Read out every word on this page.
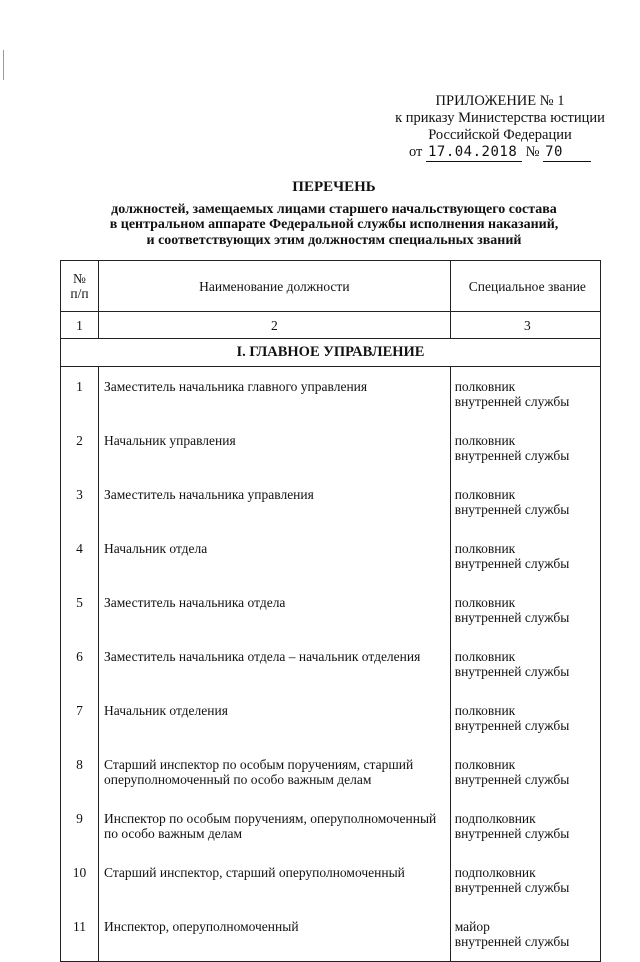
ПРИЛОЖЕНИЕ № 1
к приказу Министерства юстиции
Российской Федерации
от 17.04.2018 № 70
ПЕРЕЧЕНЬ
должностей, замещаемых лицами старшего начальствующего состава
в центральном аппарате Федеральной службы исполнения наказаний,
и соответствующих этим должностям специальных званий
№
п/п	Наименование должности	Специальное звание
1	2	3
I. ГЛАВНОЕ УПРАВЛЕНИЕ		
1	Заместитель начальника главного управления	полковник
внутренней службы

2	Начальник управления	полковник
внутренней службы

3	Заместитель начальника управления	полковник
внутренней службы

4	Начальник отдела	полковник
внутренней службы

5	Заместитель начальника отдела	полковник
внутренней службы

6	Заместитель начальника отдела – начальник отделения	полковник
внутренней службы

7	Начальник отделения	полковник
внутренней службы

8	Старший инспектор по особым поручениям, старший оперуполномоченный по особо важным делам	полковник
внутренней службы

9	Инспектор по особым поручениям, оперуполномоченный по особо важным делам	подполковник
внутренней службы

10	Старший инспектор, старший оперуполномоченный	подполковник
внутренней службы

11	Инспектор, оперуполномоченный	майор
внутренней службы
